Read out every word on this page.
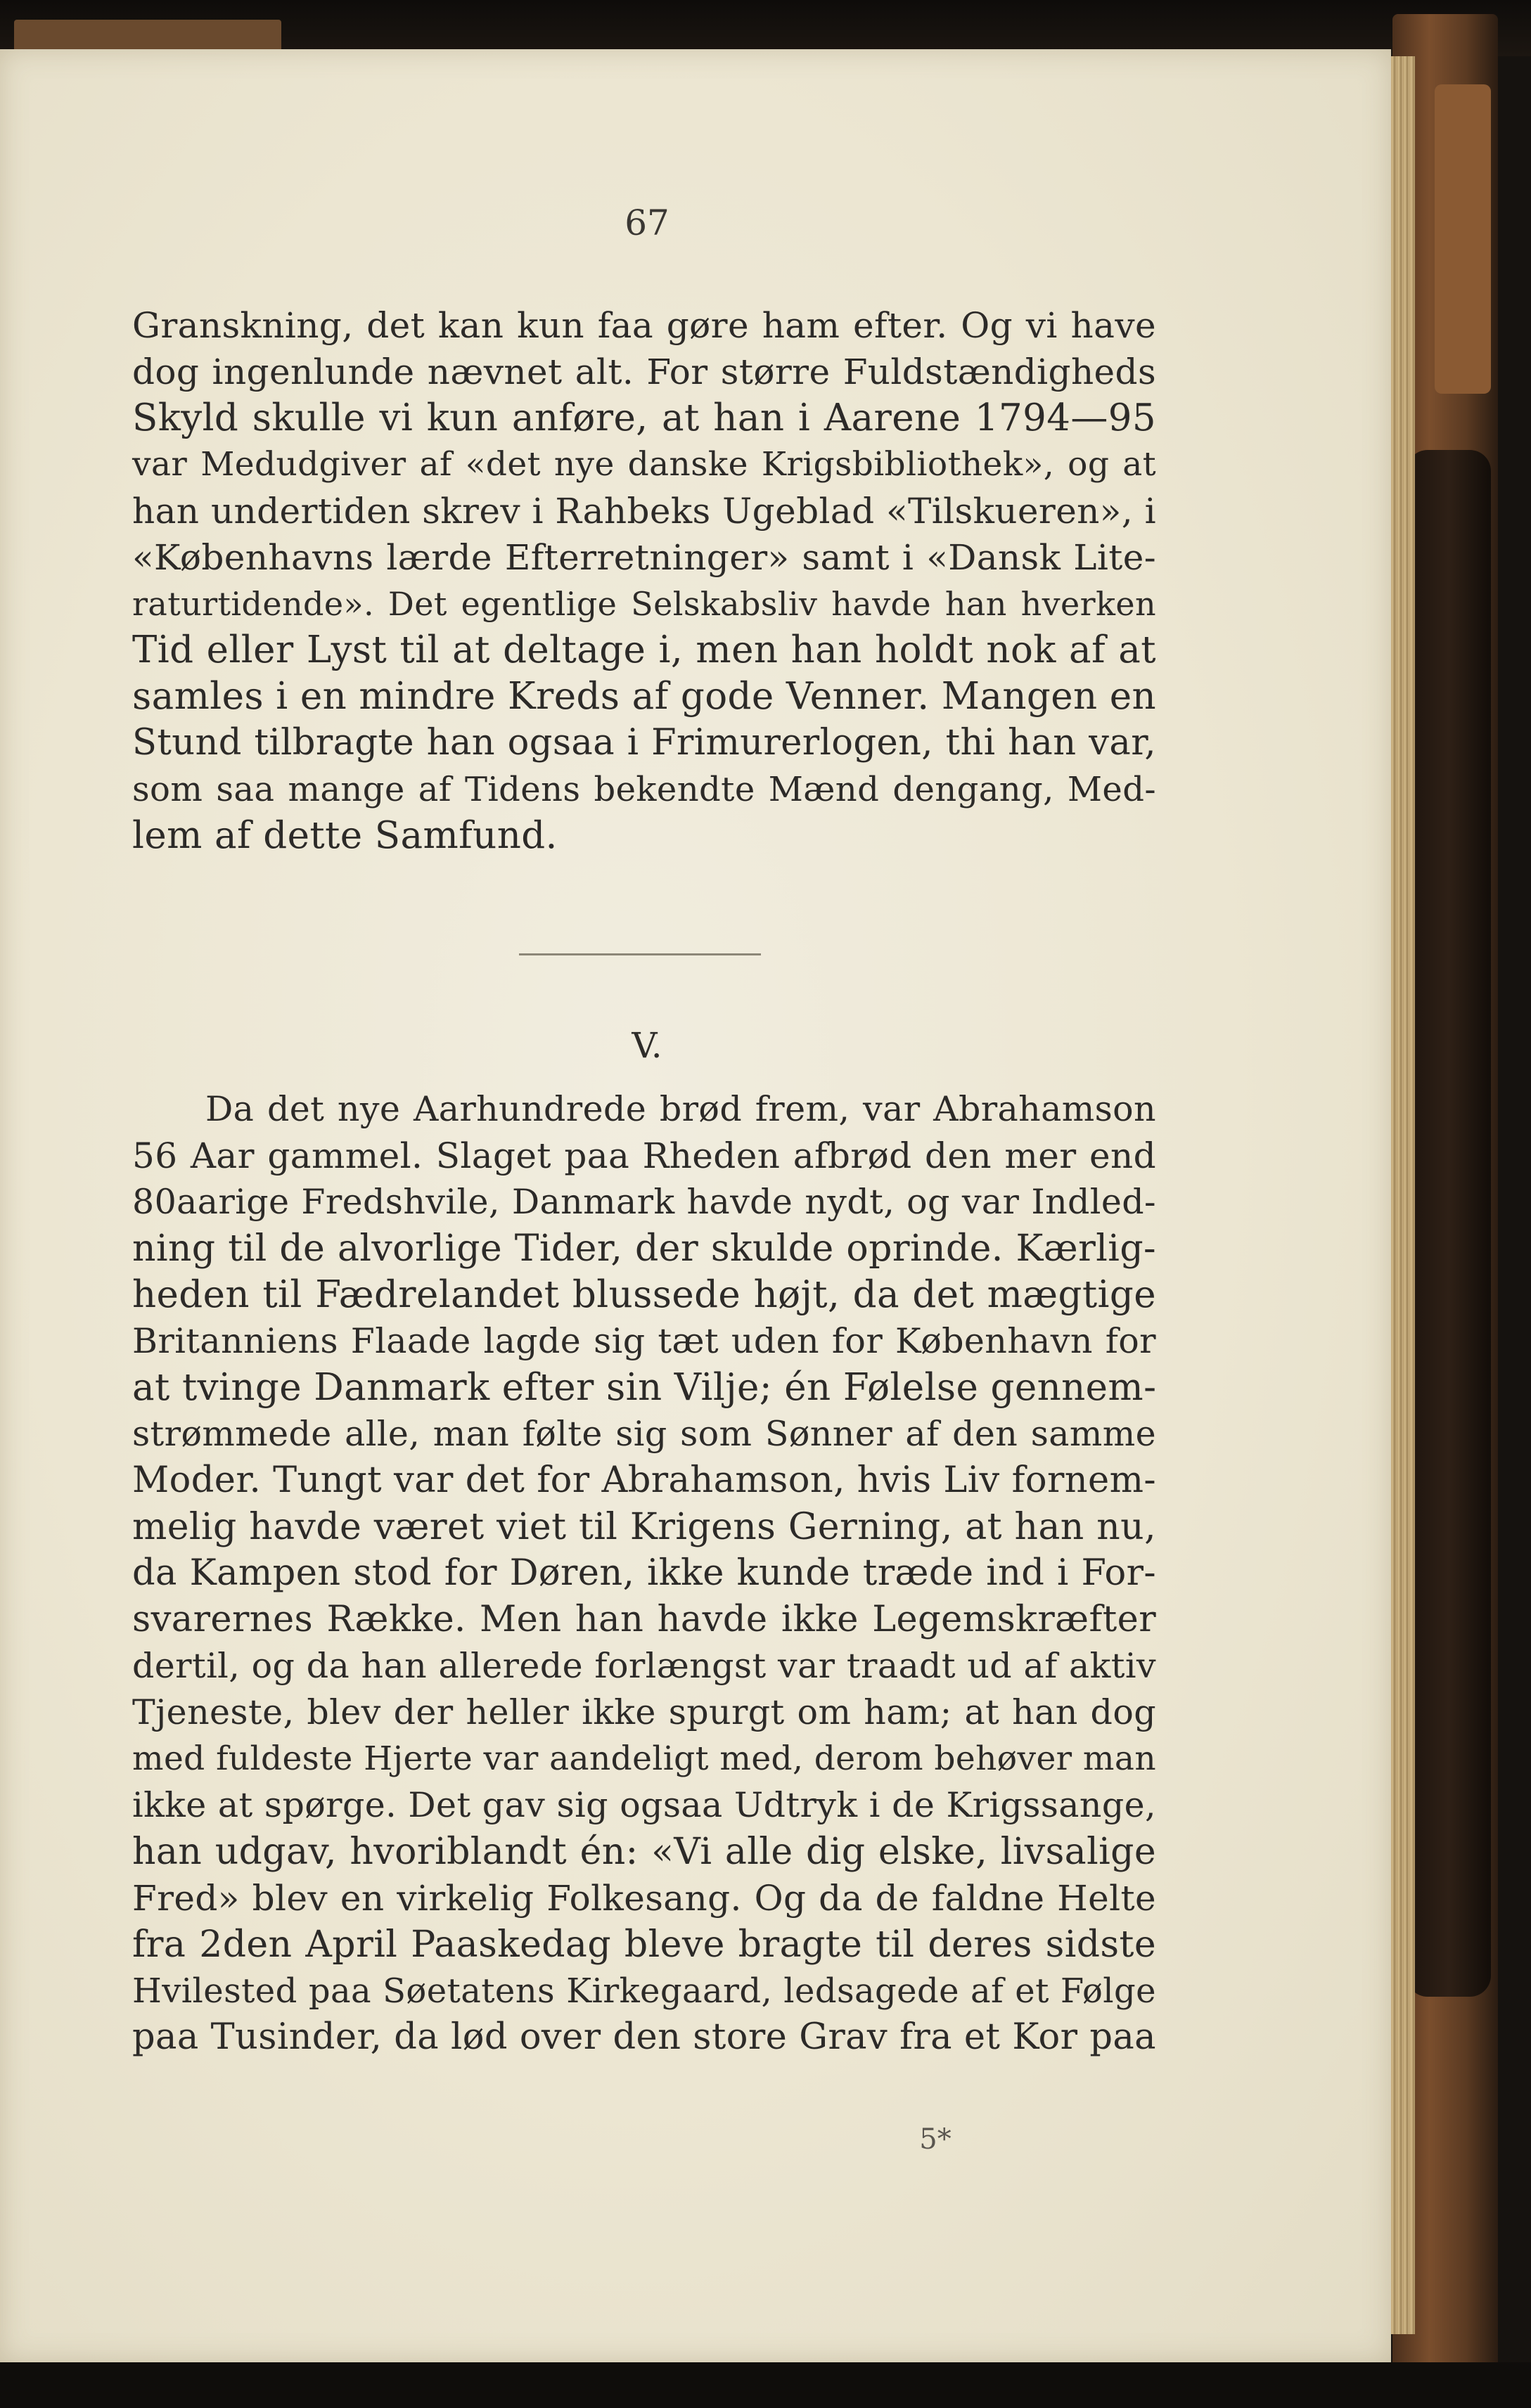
67
Granskning, det kan kun faa gøre ham efter. Og vi have
dog ingenlunde nævnet alt. For større Fuldstændigheds
Skyld skulle vi kun anføre, at han i Aarene 1794—95
var Medudgiver af «det nye danske Krigsbibliothek», og at
han undertiden skrev i Rahbeks Ugeblad «Tilskueren», i
«Københavns lærde Efterretninger» samt i «Dansk Lite-
raturtidende». Det egentlige Selskabsliv havde han hverken
Tid eller Lyst til at deltage i, men han holdt nok af at
samles i en mindre Kreds af gode Venner. Mangen en
Stund tilbragte han ogsaa i Frimurerlogen, thi han var,
som saa mange af Tidens bekendte Mænd dengang, Med-
lem af dette Samfund.
V.
Da det nye Aarhundrede brød frem, var Abrahamson
56 Aar gammel. Slaget paa Rheden afbrød den mer end
80aarige Fredshvile, Danmark havde nydt, og var Indled-
ning til de alvorlige Tider, der skulde oprinde. Kærlig-
heden til Fædrelandet blussede højt, da det mægtige
Britanniens Flaade lagde sig tæt uden for København for
at tvinge Danmark efter sin Vilje; én Følelse gennem-
strømmede alle, man følte sig som Sønner af den samme
Moder. Tungt var det for Abrahamson, hvis Liv fornem-
melig havde været viet til Krigens Gerning, at han nu,
da Kampen stod for Døren, ikke kunde træde ind i For-
svarernes Række. Men han havde ikke Legemskræfter
dertil, og da han allerede forlængst var traadt ud af aktiv
Tjeneste, blev der heller ikke spurgt om ham; at han dog
med fuldeste Hjerte var aandeligt med, derom behøver man
ikke at spørge. Det gav sig ogsaa Udtryk i de Krigssange,
han udgav, hvoriblandt én: «Vi alle dig elske, livsalige
Fred» blev en virkelig Folkesang. Og da de faldne Helte
fra 2den April Paaskedag bleve bragte til deres sidste
Hvilested paa Søetatens Kirkegaard, ledsagede af et Følge
paa Tusinder, da lød over den store Grav fra et Kor paa
5*
